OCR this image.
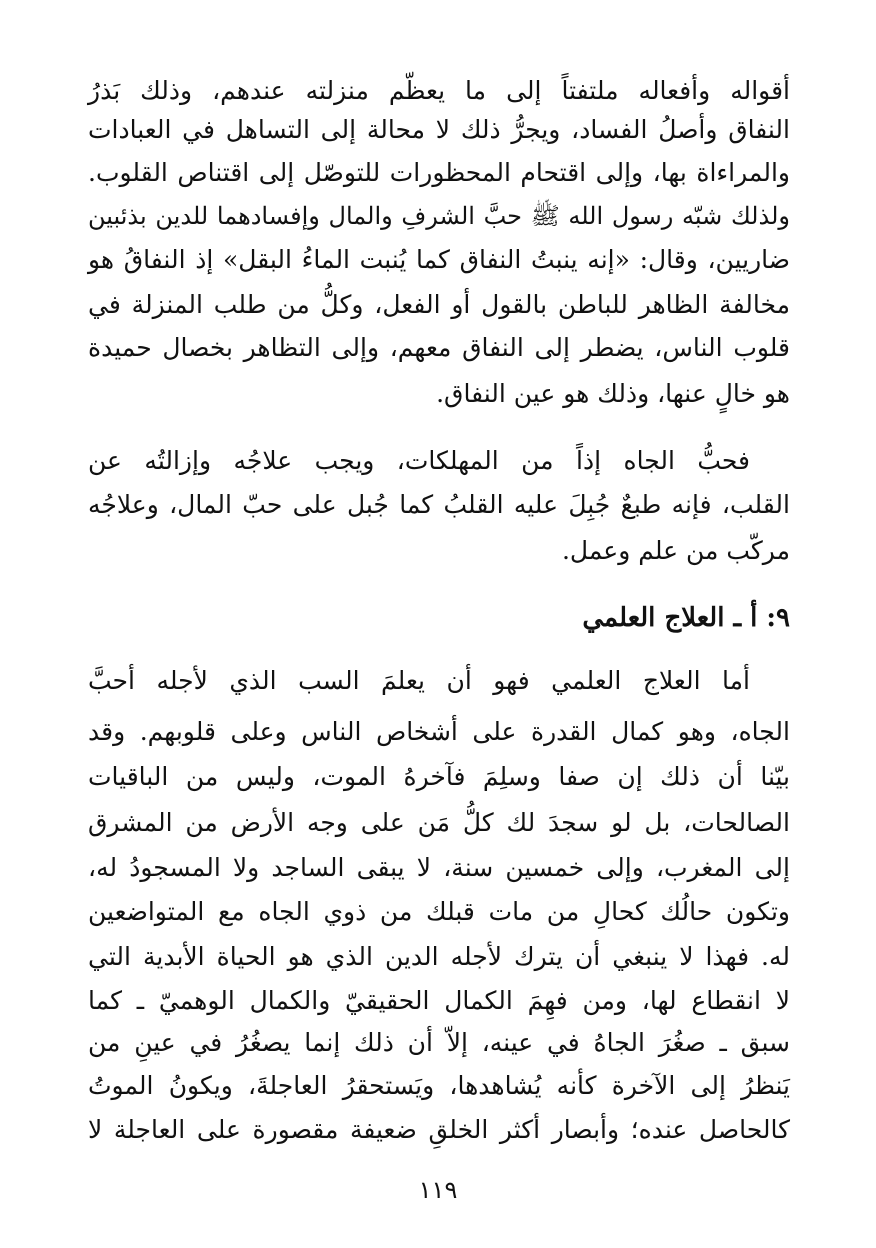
أقواله وأفعاله ملتفتاً إلى ما يعظّم منزلته عندهم، وذلك بَذرُ
النفاق وأصلُ الفساد، ويجرُّ ذلك لا محالة إلى التساهل في العبادات
والمراءاة بها، وإلى اقتحام المحظورات للتوصّل إلى اقتناص القلوب.
ولذلك شبّه رسول الله ﷺ حبَّ الشرفِ والمال وإفسادهما للدين بذئبين
ضاريين، وقال: «إنه ينبتُ النفاق كما يُنبت الماءُ البقل» إذ النفاقُ هو
مخالفة الظاهر للباطن بالقول أو الفعل، وكلُّ من طلب المنزلة في
قلوب الناس، يضطر إلى النفاق معهم، وإلى التظاهر بخصال حميدة
هو خالٍ عنها، وذلك هو عين النفاق.
فحبُّ الجاه إذاً من المهلكات، ويجب علاجُه وإزالتُه عن
القلب، فإنه طبعٌ جُبِلَ عليه القلبُ كما جُبل على حبّ المال، وعلاجُه
مركّب من علم وعمل.
٩: أ ـ العلاج العلمي
أما العلاج العلمي فهو أن يعلمَ السب الذي لأجله أحبَّ
الجاه، وهو كمال القدرة على أشخاص الناس وعلى قلوبهم. وقد
بيّنا أن ذلك إن صفا وسلِمَ فآخرهُ الموت، وليس من الباقيات
الصالحات، بل لو سجدَ لك كلُّ مَن على وجه الأرض من المشرق
إلى المغرب، وإلى خمسين سنة، لا يبقى الساجد ولا المسجودُ له،
وتكون حالُك كحالِ من مات قبلك من ذوي الجاه مع المتواضعين
له. فهذا لا ينبغي أن يترك لأجله الدين الذي هو الحياة الأبدية التي
لا انقطاع لها، ومن فهِمَ الكمال الحقيقيّ والكمال الوهميّ ـ كما
سبق ـ صغُرَ الجاهُ في عينه، إلاّ أن ذلك إنما يصغُرُ في عينِ من
يَنظرُ إلى الآخرة كأنه يُشاهدها، ويَستحقرُ العاجلةَ، ويكونُ الموتُ
كالحاصل عنده؛ وأبصار أكثر الخلقِ ضعيفة مقصورة على العاجلة لا
١١٩
